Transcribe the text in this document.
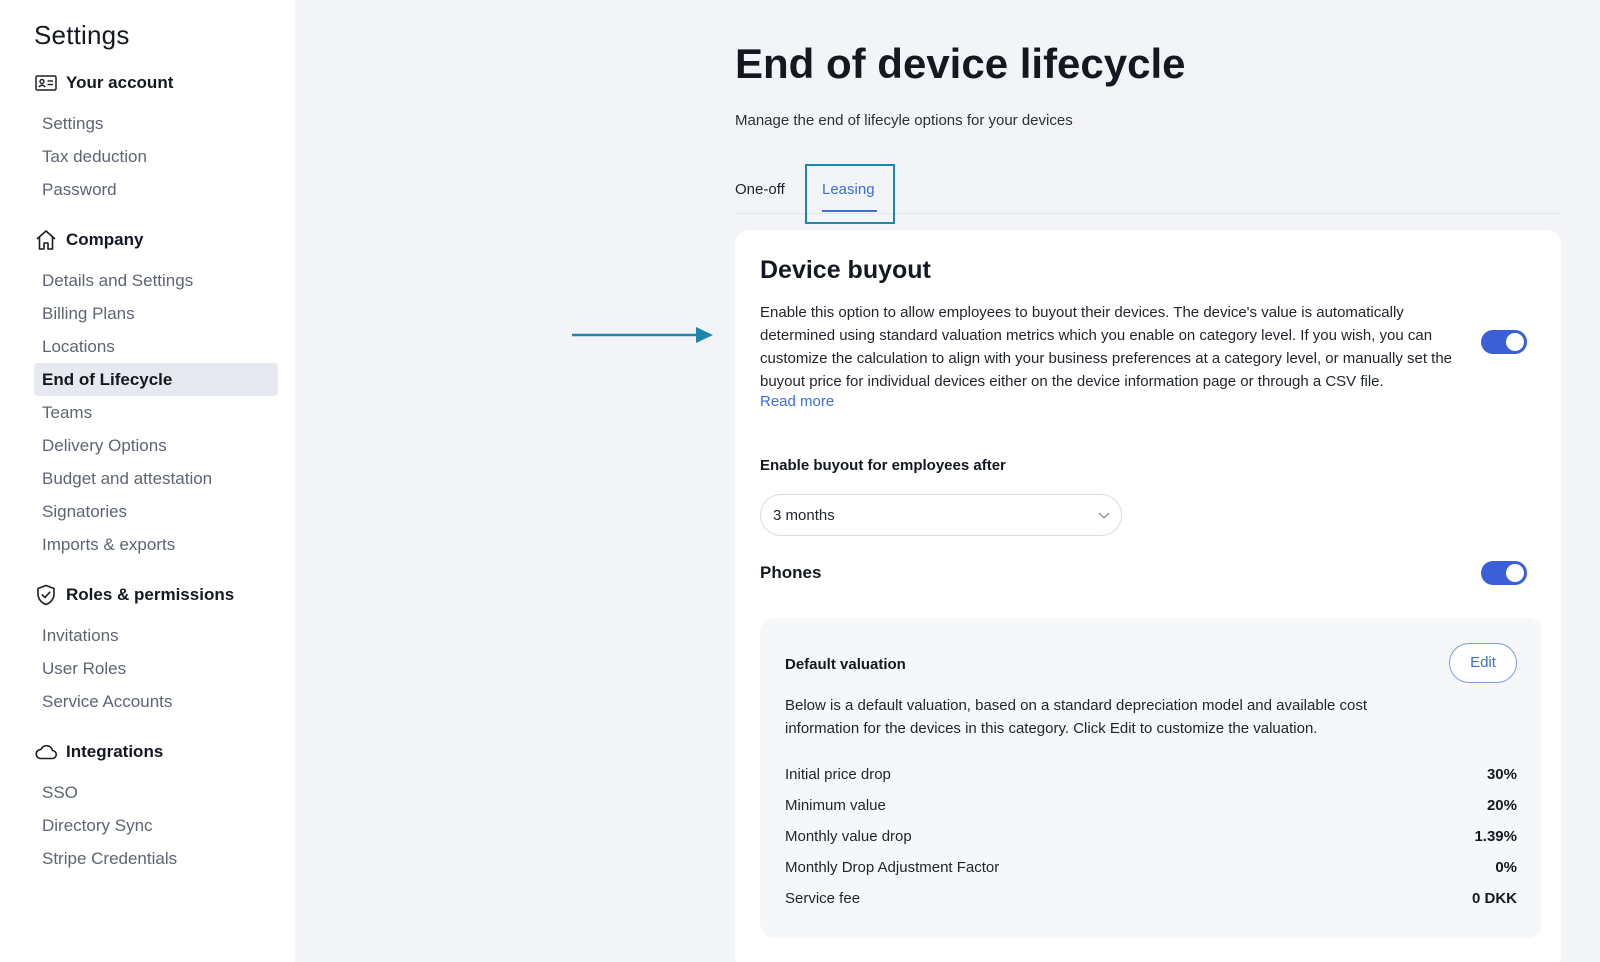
Settings
Your account
Settings
Tax deduction
Password
Company
Details and Settings
Billing Plans
Locations
End of Lifecycle
Teams
Delivery Options
Budget and attestation
Signatories
Imports & exports
Roles & permissions
Invitations
User Roles
Service Accounts
Integrations
SSO
Directory Sync
Stripe Credentials
End of device lifecycle

Manage the end of lifecyle options for your devices

One-off Leasing
Device buyout

Enable this option to allow employees to buyout their devices. The device's value is automatically determined using standard valuation metrics which you enable on category level. If you wish, you can customize the calculation to align with your business preferences at a category level, or manually set the buyout price for individual devices either on the device information page or through a CSV file.

Read more
Enable buyout for employees after
3 months
Phones
Default valuation	Edit

Below is a default valuation, based on a standard depreciation model and available cost information for the devices in this category. Click Edit to customize the valuation.

Initial price drop	30%
Minimum value	20%
Monthly value drop	1.39%
Monthly Drop Adjustment Factor	0%
Service fee	0 DKK
